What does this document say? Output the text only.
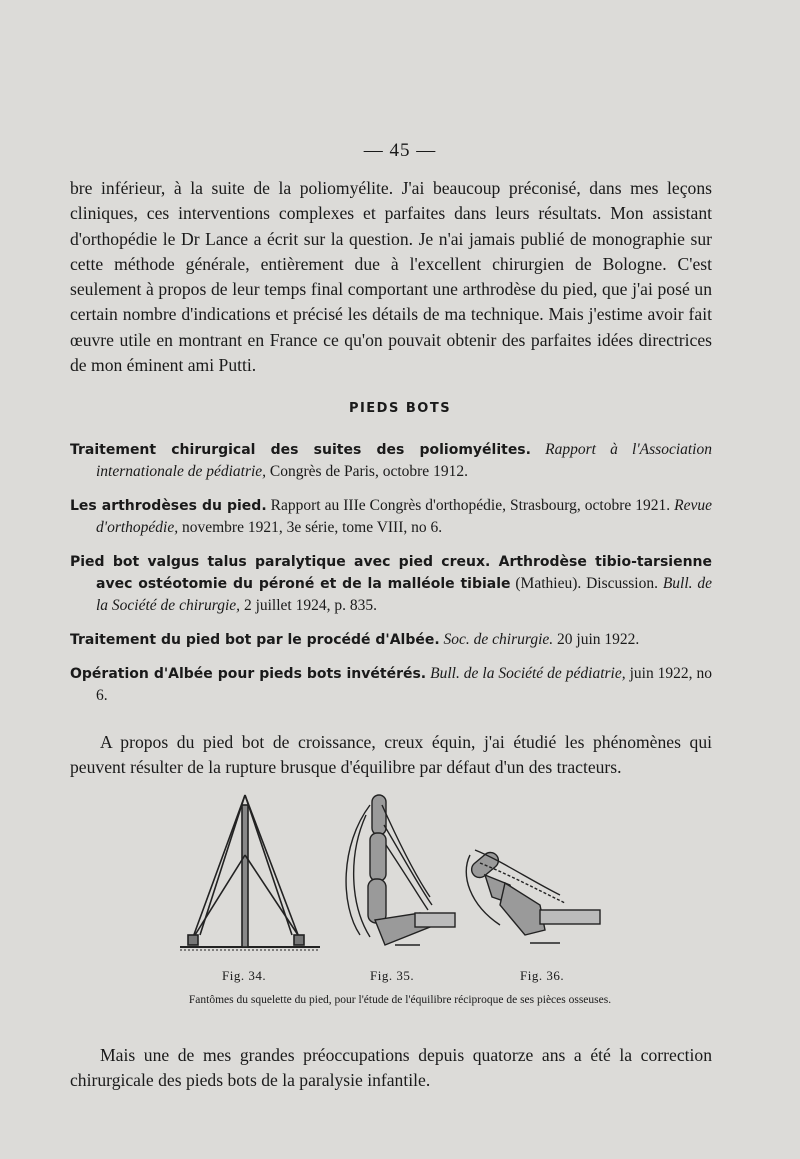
— 45 —
bre inférieur, à la suite de la poliomyélite. J'ai beaucoup préconisé, dans mes leçons cliniques, ces interventions complexes et parfaites dans leurs résultats. Mon assistant d'orthopédie le Dr Lance a écrit sur la question. Je n'ai jamais publié de monographie sur cette méthode générale, entièrement due à l'excellent chirurgien de Bologne. C'est seulement à propos de leur temps final comportant une arthrodèse du pied, que j'ai posé un certain nombre d'indications et précisé les détails de ma technique. Mais j'estime avoir fait œuvre utile en montrant en France ce qu'on pouvait obtenir des parfaites idées directrices de mon éminent ami Putti.
PIEDS BOTS
Traitement chirurgical des suites des poliomyélites. Rapport à l'Association internationale de pédiatrie, Congrès de Paris, octobre 1912.
Les arthrodèses du pied. Rapport au IIIe Congrès d'orthopédie, Strasbourg, octobre 1921. Revue d'orthopédie, novembre 1921, 3e série, tome VIII, no 6.
Pied bot valgus talus paralytique avec pied creux. Arthrodèse tibio-tarsienne avec ostéotomie du péroné et de la malléole tibiale (Mathieu). Discussion. Bull. de la Société de chirurgie, 2 juillet 1924, p. 835.
Traitement du pied bot par le procédé d'Albée. Soc. de chirurgie. 20 juin 1922.
Opération d'Albée pour pieds bots invétérés. Bull. de la Société de pédiatrie, juin 1922, no 6.
A propos du pied bot de croissance, creux équin, j'ai étudié les phénomènes qui peuvent résulter de la rupture brusque d'équilibre par défaut d'un des tracteurs.
Fig. 34.	Fig. 35.	Fig. 36.
Fantômes du squelette du pied, pour l'étude de l'équilibre réciproque de ses pièces osseuses.
Mais une de mes grandes préoccupations depuis quatorze ans a été la correction chirurgicale des pieds bots de la paralysie infantile.
